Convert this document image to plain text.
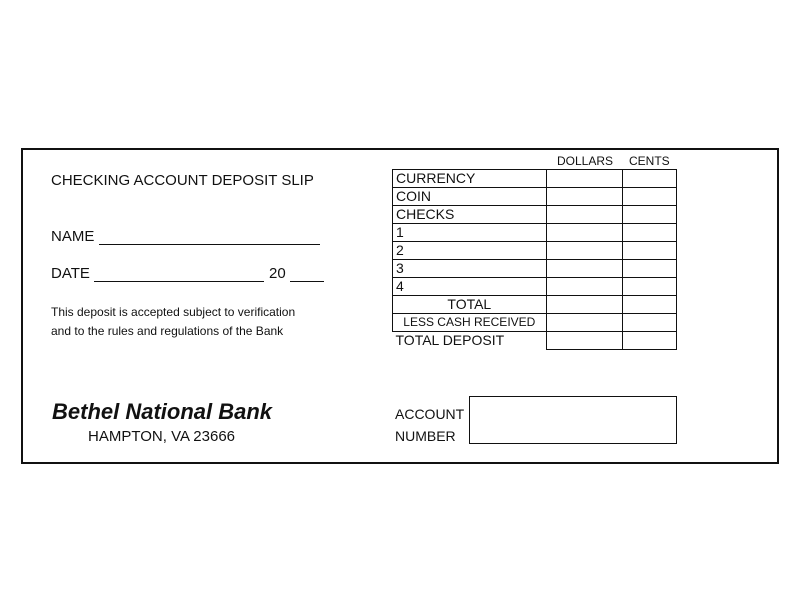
CHECKING ACCOUNT DEPOSIT SLIP
NAME
DATE	20
This deposit is accepted subject to verification
and to the rules and regulations of the Bank
Bethel National Bank
HAMPTON, VA 23666
DOLLARS CENTS
CURRENCY		
COIN		
CHECKS		
1		
2		
3		
4		
TOTAL		
LESS CASH RECEIVED		
TOTAL DEPOSIT		
ACCOUNT
NUMBER
